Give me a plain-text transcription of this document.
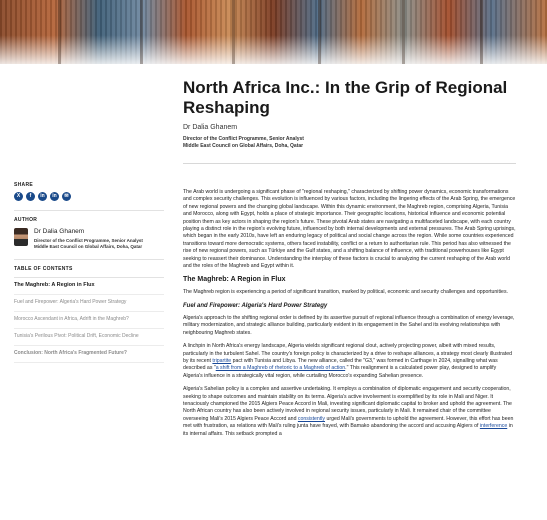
North Africa Inc.: In the Grip of Regional Reshaping
Dr Dalia Ghanem
Director of the Conflict Programme, Senior Analyst
Middle East Council on Global Affairs, Doha, Qatar
SHARE
X	f	in	in	✉
AUTHOR
Dr Dalia Ghanem
Director of the Conflict Programme, Senior Analyst
Middle East Council on Global Affairs, Doha, Qatar
TABLE OF CONTENTS
The Maghreb: A Region in Flux
Fuel and Firepower: Algeria's Hard Power Strategy
Morocco Ascendant in Africa, Adrift in the Maghreb?
Tunisia's Perilous Pivot: Political Drift, Economic Decline
Conclusion: North Africa's Fragmented Future?

The Arab world is undergoing a significant phase of "regional reshaping," characterized by shifting power dynamics, economic transformations and complex security challenges. This evolution is influenced by various factors, including the lingering effects of the Arab Spring, the emergence of new regional powers and the changing global landscape. Within this dynamic environment, the Maghreb region, comprising Algeria, Tunisia and Morocco, along with Egypt, holds a place of strategic importance. Their geographic locations, historical influence and economic potential position them as key actors in shaping the region's future. These pivotal Arab states are navigating a multifaceted landscape, with each country playing a distinct role in the region's evolving future, influenced by both internal developments and external pressures. The Arab Spring uprisings, which began in the early 2010s, have left an enduring legacy of political and social change across the region. While some countries experienced transitions toward more democratic systems, others faced instability, conflict or a return to authoritarian rule. This period has also witnessed the rise of new regional powers, such as Türkiye and the Gulf states, and a shifting balance of influence, with traditional powerhouses like Egypt seeking to reassert their dominance. Understanding the interplay of these factors is crucial to analyzing the current reshaping of the Arab world and the roles of the Maghreb and Egypt within it.

The Maghreb: A Region in Flux

The Maghreb region is experiencing a period of significant transition, marked by political, economic and security challenges and opportunities.

Fuel and Firepower: Algeria's Hard Power Strategy

Algeria's approach to the shifting regional order is defined by its assertive pursuit of regional influence through a combination of energy leverage, military modernization, and strategic alliance building, particularly evident in its engagement in the Sahel and its evolving relationships with neighbouring Maghreb states.

A linchpin in North Africa's energy landscape, Algeria wields significant regional clout, actively projecting power, albeit with mixed results, particularly in the turbulent Sahel. The country's foreign policy is characterized by a drive to reshape alliances, a strategy most clearly illustrated by its recent tripartite pact with Tunisia and Libya. The new alliance, called the "G3," was formed in Carthage in 2024, signalling what was described as "a shift from a Maghreb of rhetoric to a Maghreb of action." This realignment is a calculated power play, designed to amplify Algeria's influence in a strategically vital region, while curtailing Morocco's expanding Sahelian presence.

Algeria's Sahelian policy is a complex and assertive undertaking. It employs a combination of diplomatic engagement and security cooperation, seeking to shape outcomes and maintain stability on its terms. Algeria's active involvement is exemplified by its role in Mali and Niger. It tenaciously championed the 2015 Algiers Peace Accord in Mali, investing significant diplomatic capital to broker and uphold the agreement. The North African country has also been actively involved in regional security issues, particularly in Mali. It remained chair of the committee overseeing Mali's 2015 Algiers Peace Accord and consistently urged Mali's governments to uphold the agreement. However, this effort has been met with frustration, as relations with Mali's ruling junta have frayed, with Bamako abandoning the accord and accusing Algiers of interference in its internal affairs. This setback prompted a
